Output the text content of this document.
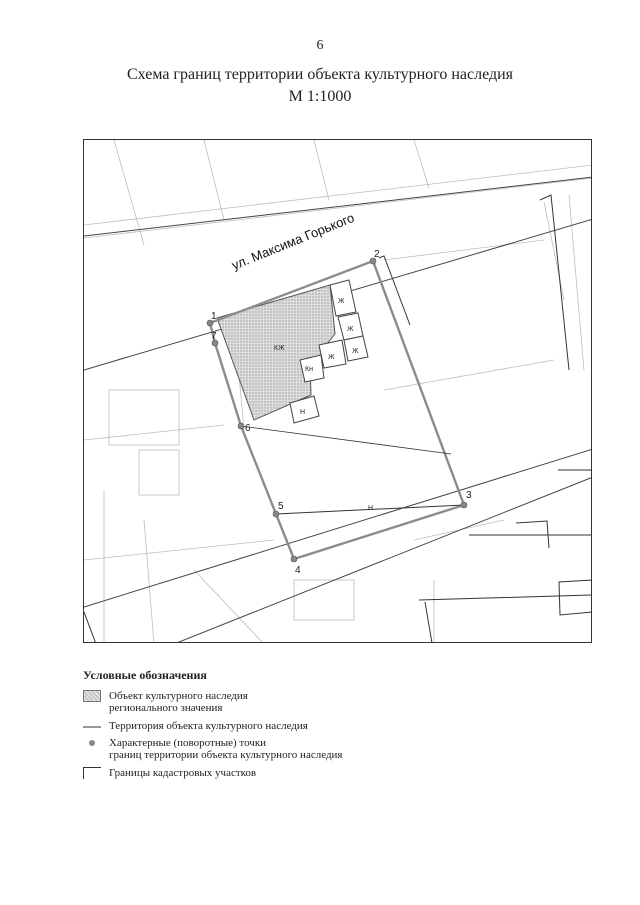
6
Схема границ территории объекта культурного наследия
М 1:1000
1
2
3
4
5
6
7
КЖ
Ж
Ж
Ж
Ж
Кн
Н
Н
ул. Максима Горького
Условные обозначения
Объект культурного наследия
регионального значения
Территория объекта культурного наследия
Характерные (поворотные) точки
границ территории объекта культурного наследия
Границы кадастровых участков
